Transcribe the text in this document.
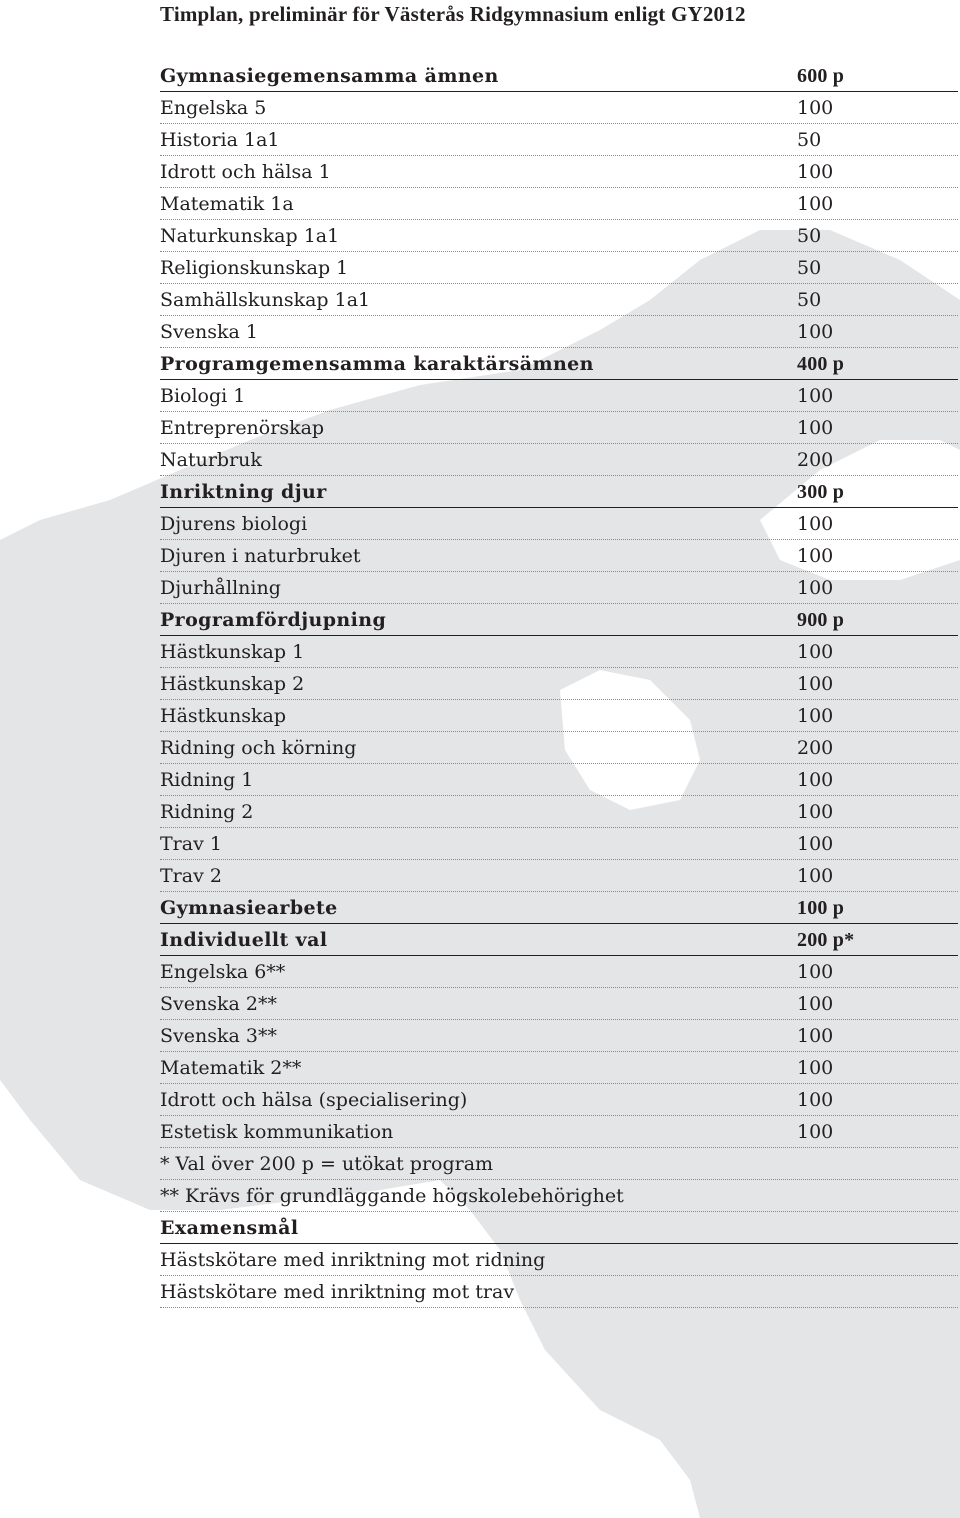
Timplan, preliminär för Västerås Ridgymnasium enligt GY2012
Gymnasiegemensamma ämnen	600 p
Engelska 5	100
Historia 1a1	50
Idrott och hälsa 1	100
Matematik 1a	100
Naturkunskap 1a1	50
Religionskunskap 1	50
Samhällskunskap 1a1	50
Svenska 1	100
Programgemensamma karaktärsämnen	400 p
Biologi 1	100
Entreprenörskap	100
Naturbruk	200
Inriktning djur	300 p
Djurens biologi	100
Djuren i naturbruket	100
Djurhållning	100
Programfördjupning	900 p
Hästkunskap 1	100
Hästkunskap 2	100
Hästkunskap	100
Ridning och körning	200
Ridning 1	100
Ridning 2	100
Trav 1	100
Trav 2	100
Gymnasiearbete	100 p
Individuellt val	200 p*
Engelska 6**	100
Svenska 2**	100
Svenska 3**	100
Matematik 2**	100
Idrott och hälsa (specialisering)	100
Estetisk kommunikation	100
* Val över 200 p = utökat program
** Krävs för grundläggande högskolebehörighet
Examensmål
Hästskötare med inriktning mot ridning
Hästskötare med inriktning mot trav
